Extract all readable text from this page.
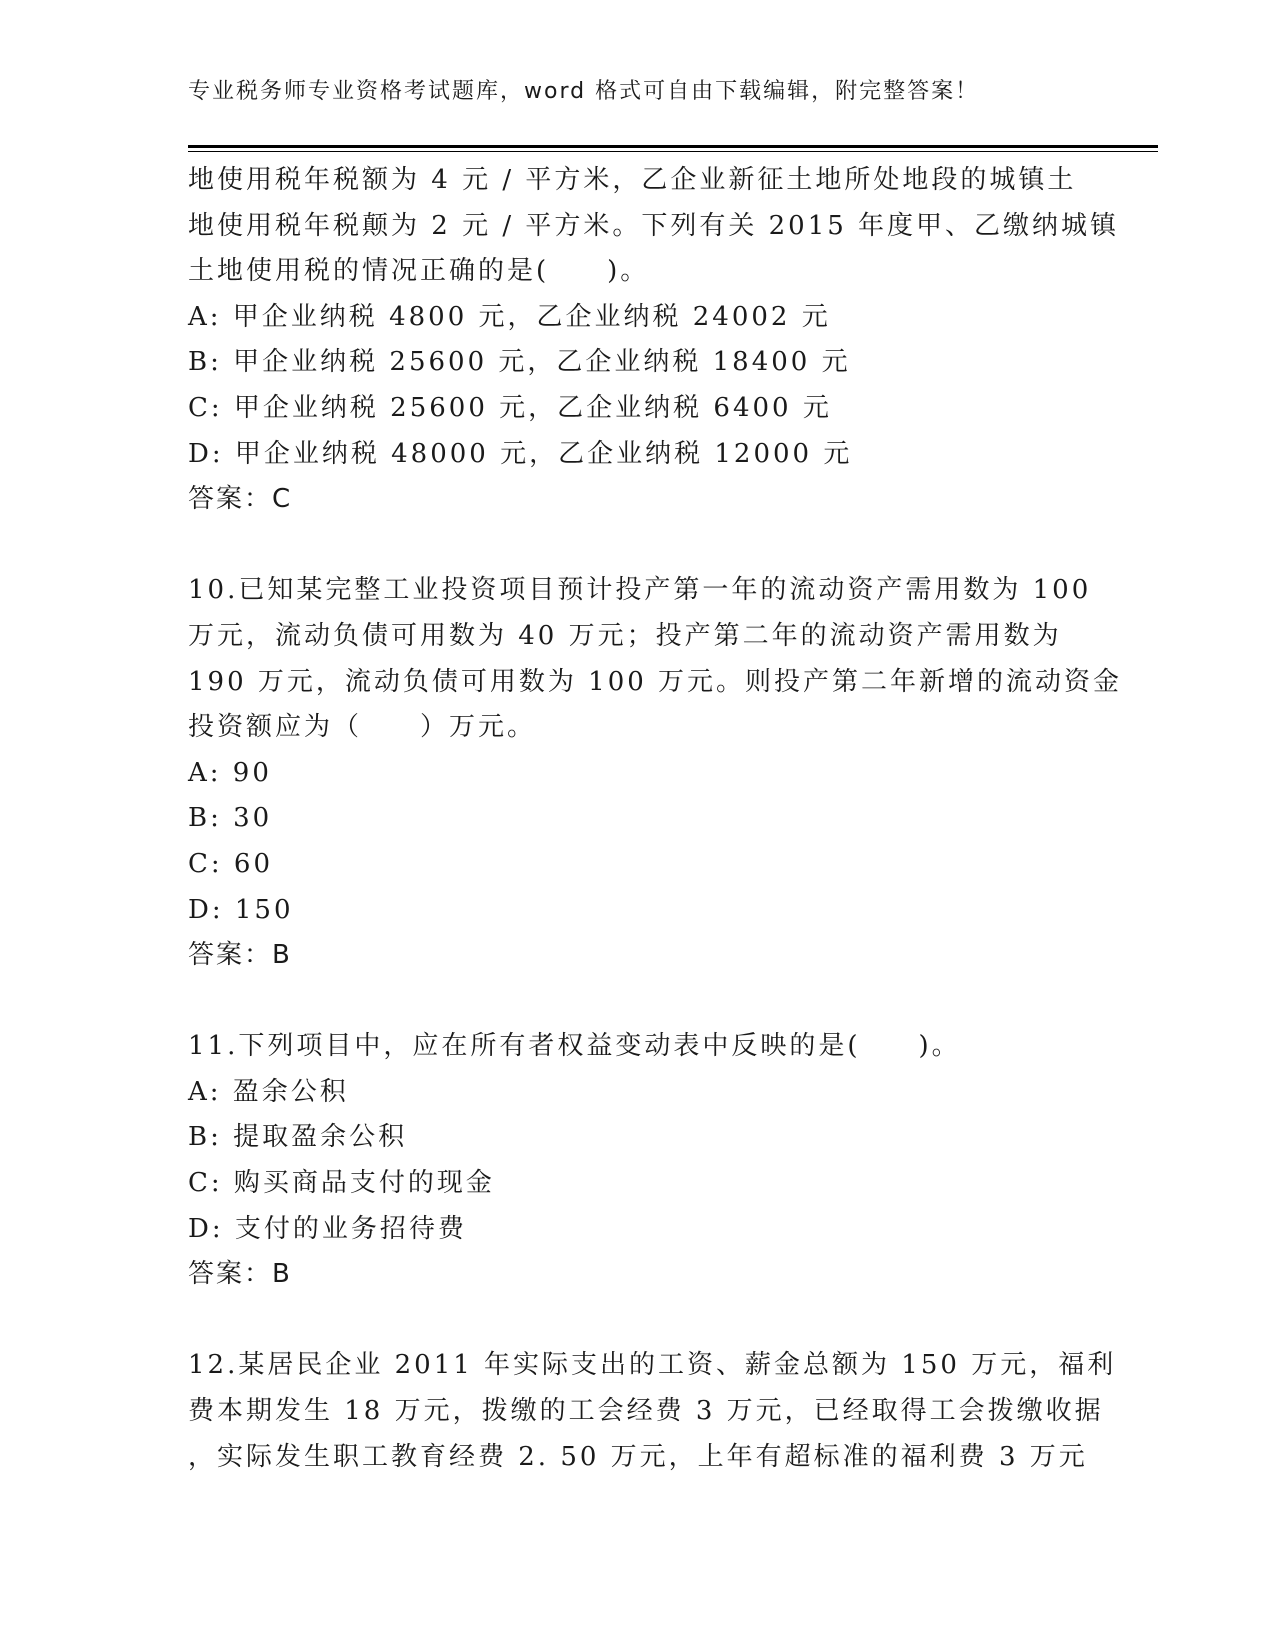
专业税务师专业资格考试题库，word 格式可自由下载编辑，附完整答案！
地使用税年税额为 4 元 / 平方米，乙企业新征土地所处地段的城镇土
地使用税年税颠为 2 元 / 平方米。下列有关 2015 年度甲、乙缴纳城镇
土地使用税的情况正确的是(　　)。
A: 甲企业纳税 4800 元，乙企业纳税 24002 元
B: 甲企业纳税 25600 元，乙企业纳税 18400 元
C: 甲企业纳税 25600 元，乙企业纳税 6400 元
D: 甲企业纳税 48000 元，乙企业纳税 12000 元
答案：C
10.已知某完整工业投资项目预计投产第一年的流动资产需用数为 100
万元，流动负债可用数为 40 万元；投产第二年的流动资产需用数为
190 万元，流动负债可用数为 100 万元。则投产第二年新增的流动资金
投资额应为（　　）万元。
A: 90
B: 30
C: 60
D: 150
答案：B
11.下列项目中，应在所有者权益变动表中反映的是(　　)。
A: 盈余公积
B: 提取盈余公积
C: 购买商品支付的现金
D: 支付的业务招待费
答案：B
12.某居民企业 2011 年实际支出的工资、薪金总额为 150 万元，福利
费本期发生 18 万元，拨缴的工会经费 3 万元，已经取得工会拨缴收据
，实际发生职工教育经费 2. 50 万元，上年有超标准的福利费 3 万元
